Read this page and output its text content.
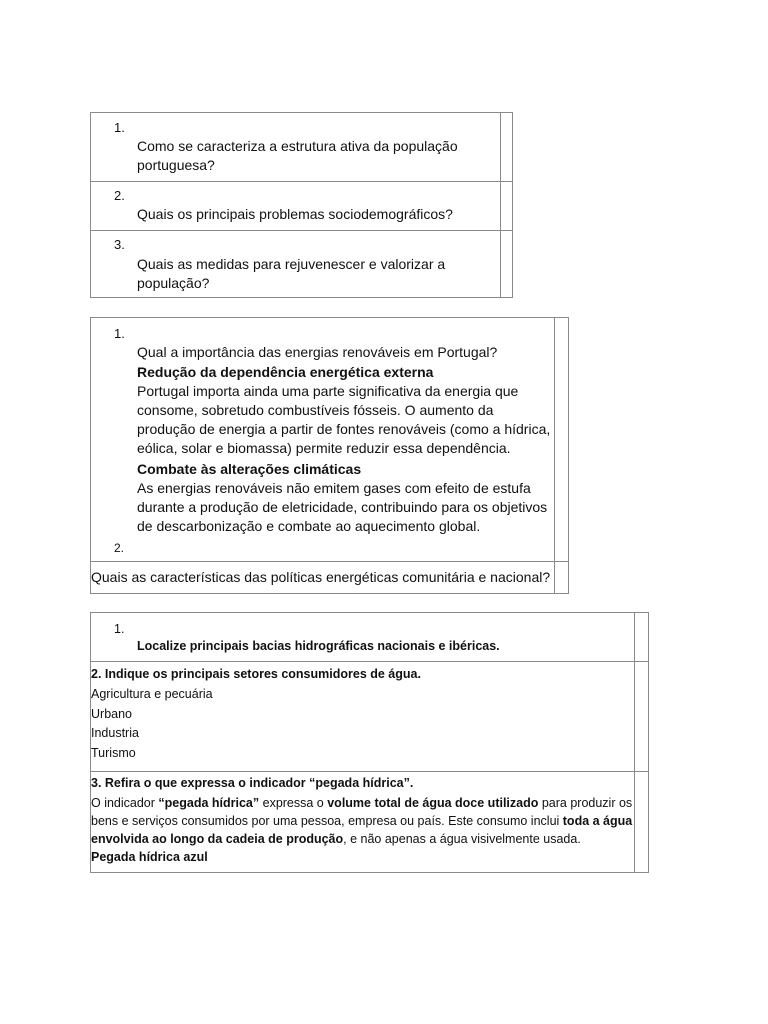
1.
Como se caracteriza a estrutura ativa da população portuguesa?
2.
Quais os principais problemas sociodemográficos?
3.
Quais as medidas para rejuvenescer e valorizar a população?
1.
Qual a importância das energias renováveis em Portugal?
Redução da dependência energética externa
Portugal importa ainda uma parte significativa da energia que consome, sobretudo combustíveis fósseis. O aumento da produção de energia a partir de fontes renováveis (como a hídrica, eólica, solar e biomassa) permite reduzir essa dependência.
Combate às alterações climáticas
As energias renováveis não emitem gases com efeito de estufa durante a produção de eletricidade, contribuindo para os objetivos de descarbonização e combate ao aquecimento global.
2.
Quais as características das políticas energéticas comunitária e nacional?
1.
Localize principais bacias hidrográficas nacionais e ibéricas.
2. Indique os principais setores consumidores de água.
Agricultura e pecuária
Urbano
Industria
Turismo
3. Refira o que expressa o indicador “pegada hídrica”.
O indicador “pegada hídrica” expressa o volume total de água doce utilizado para produzir os bens e serviços consumidos por uma pessoa, empresa ou país. Este consumo inclui toda a água envolvida ao longo da cadeia de produção, e não apenas a água visivelmente usada.
Pegada hídrica azul
